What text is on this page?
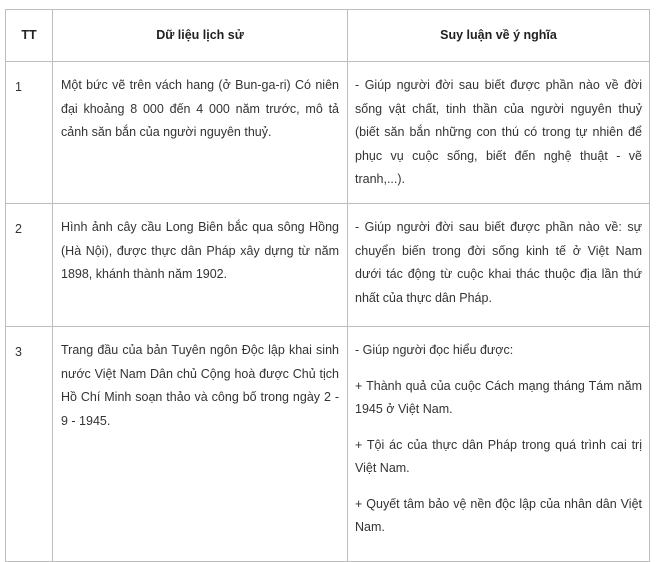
TT	Dữ liệu lịch sử	Suy luận về ý nghĩa
1	Một bức vẽ trên vách hang (ở Bun-ga-ri) Có niên đại khoảng 8 000 đến 4 000 năm trước, mô tả cảnh săn bắn của người nguyên thuỷ.	- Giúp người đời sau biết được phần nào về đời sống vật chất, tinh thần của người nguyên thuỷ (biết săn bắn những con thú có trong tự nhiên để phục vụ cuộc sống, biết đến nghệ thuật - vẽ tranh,...).

2	Hình ảnh cây cầu Long Biên bắc qua sông Hồng (Hà Nội), được thực dân Pháp xây dựng từ năm 1898, khánh thành năm 1902.	- Giúp người đời sau biết được phần nào về: sự chuyển biến trong đời sống kinh tế ở Việt Nam dưới tác động từ cuộc khai thác thuộc địa lần thứ nhất của thực dân Pháp.

3	Trang đầu của bản Tuyên ngôn Độc lập khai sinh nước Việt Nam Dân chủ Cộng hoà được Chủ tịch Hồ Chí Minh soạn thảo và công bố trong ngày 2 - 9 - 1945.	- Giúp người đọc hiểu được:
+ Thành quả của cuộc Cách mạng tháng Tám năm 1945 ở Việt Nam.
+ Tội ác của thực dân Pháp trong quá trình cai trị Việt Nam.
+ Quyết tâm bảo vệ nền độc lập của nhân dân Việt Nam.
